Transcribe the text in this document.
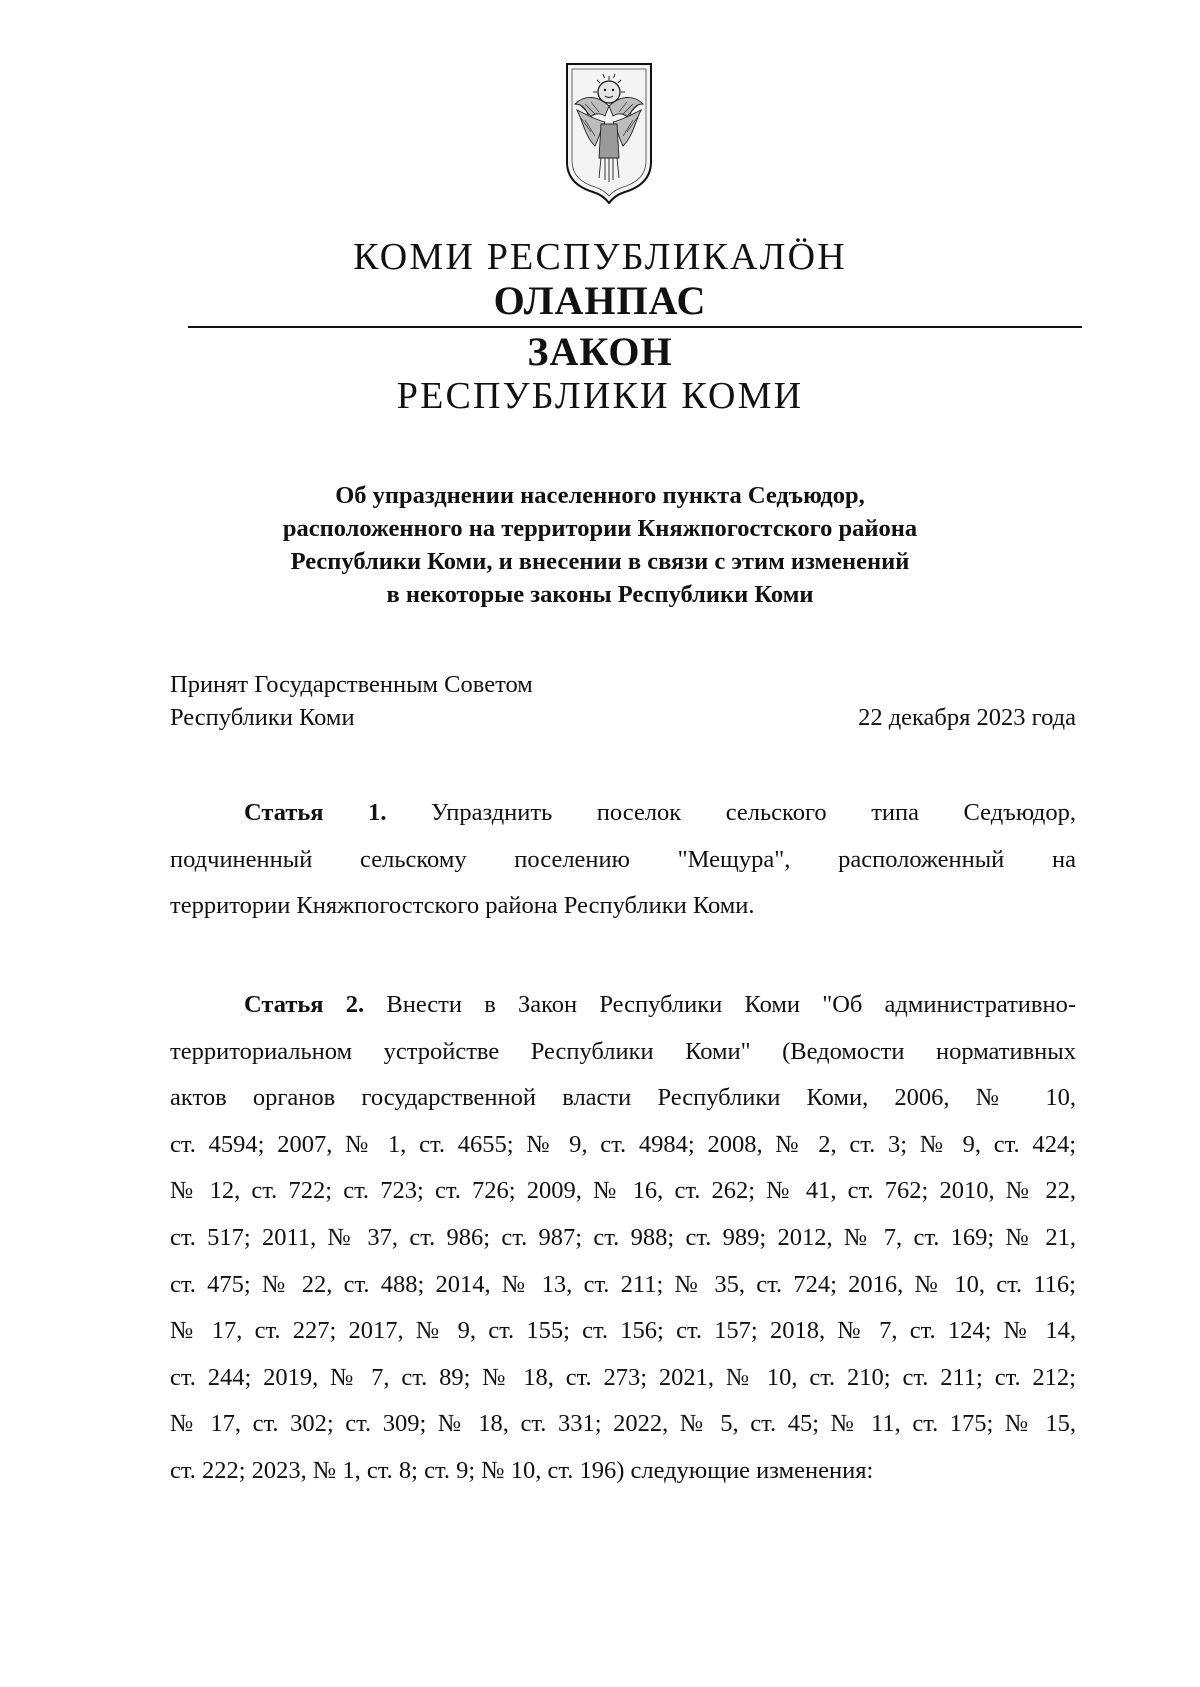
КОМИ РЕСПУБЛИКАЛӦН
ОЛАНПАС
ЗАКОН
РЕСПУБЛИКИ КОМИ
Об упразднении населенного пункта Седъюдор,
расположенного на территории Княжпогостского района
Республики Коми, и внесении в связи с этим изменений
в некоторые законы Республики Коми
Принят Государственным Советом
Республики Коми	22 декабря 2023 года
Статья 1. Упразднить поселок сельского типа Седъюдор,
подчиненный сельскому поселению "Мещура", расположенный на
территории Княжпогостского района Республики Коми.
Статья 2. Внести в Закон Республики Коми "Об административно-
территориальном устройстве Республики Коми" (Ведомости нормативных
актов органов государственной власти Республики Коми, 2006, № 10,
ст. 4594; 2007, № 1, ст. 4655; № 9, ст. 4984; 2008, № 2, ст. 3; № 9, ст. 424;
№ 12, ст. 722; ст. 723; ст. 726; 2009, № 16, ст. 262; № 41, ст. 762; 2010, № 22,
ст. 517; 2011, № 37, ст. 986; ст. 987; ст. 988; ст. 989; 2012, № 7, ст. 169; № 21,
ст. 475; № 22, ст. 488; 2014, № 13, ст. 211; № 35, ст. 724; 2016, № 10, ст. 116;
№ 17, ст. 227; 2017, № 9, ст. 155; ст. 156; ст. 157; 2018, № 7, ст. 124; № 14,
ст. 244; 2019, № 7, ст. 89; № 18, ст. 273; 2021, № 10, ст. 210; ст. 211; ст. 212;
№ 17, ст. 302; ст. 309; № 18, ст. 331; 2022, № 5, ст. 45; № 11, ст. 175; № 15,
ст. 222; 2023, № 1, ст. 8; ст. 9; № 10, ст. 196) следующие изменения:
